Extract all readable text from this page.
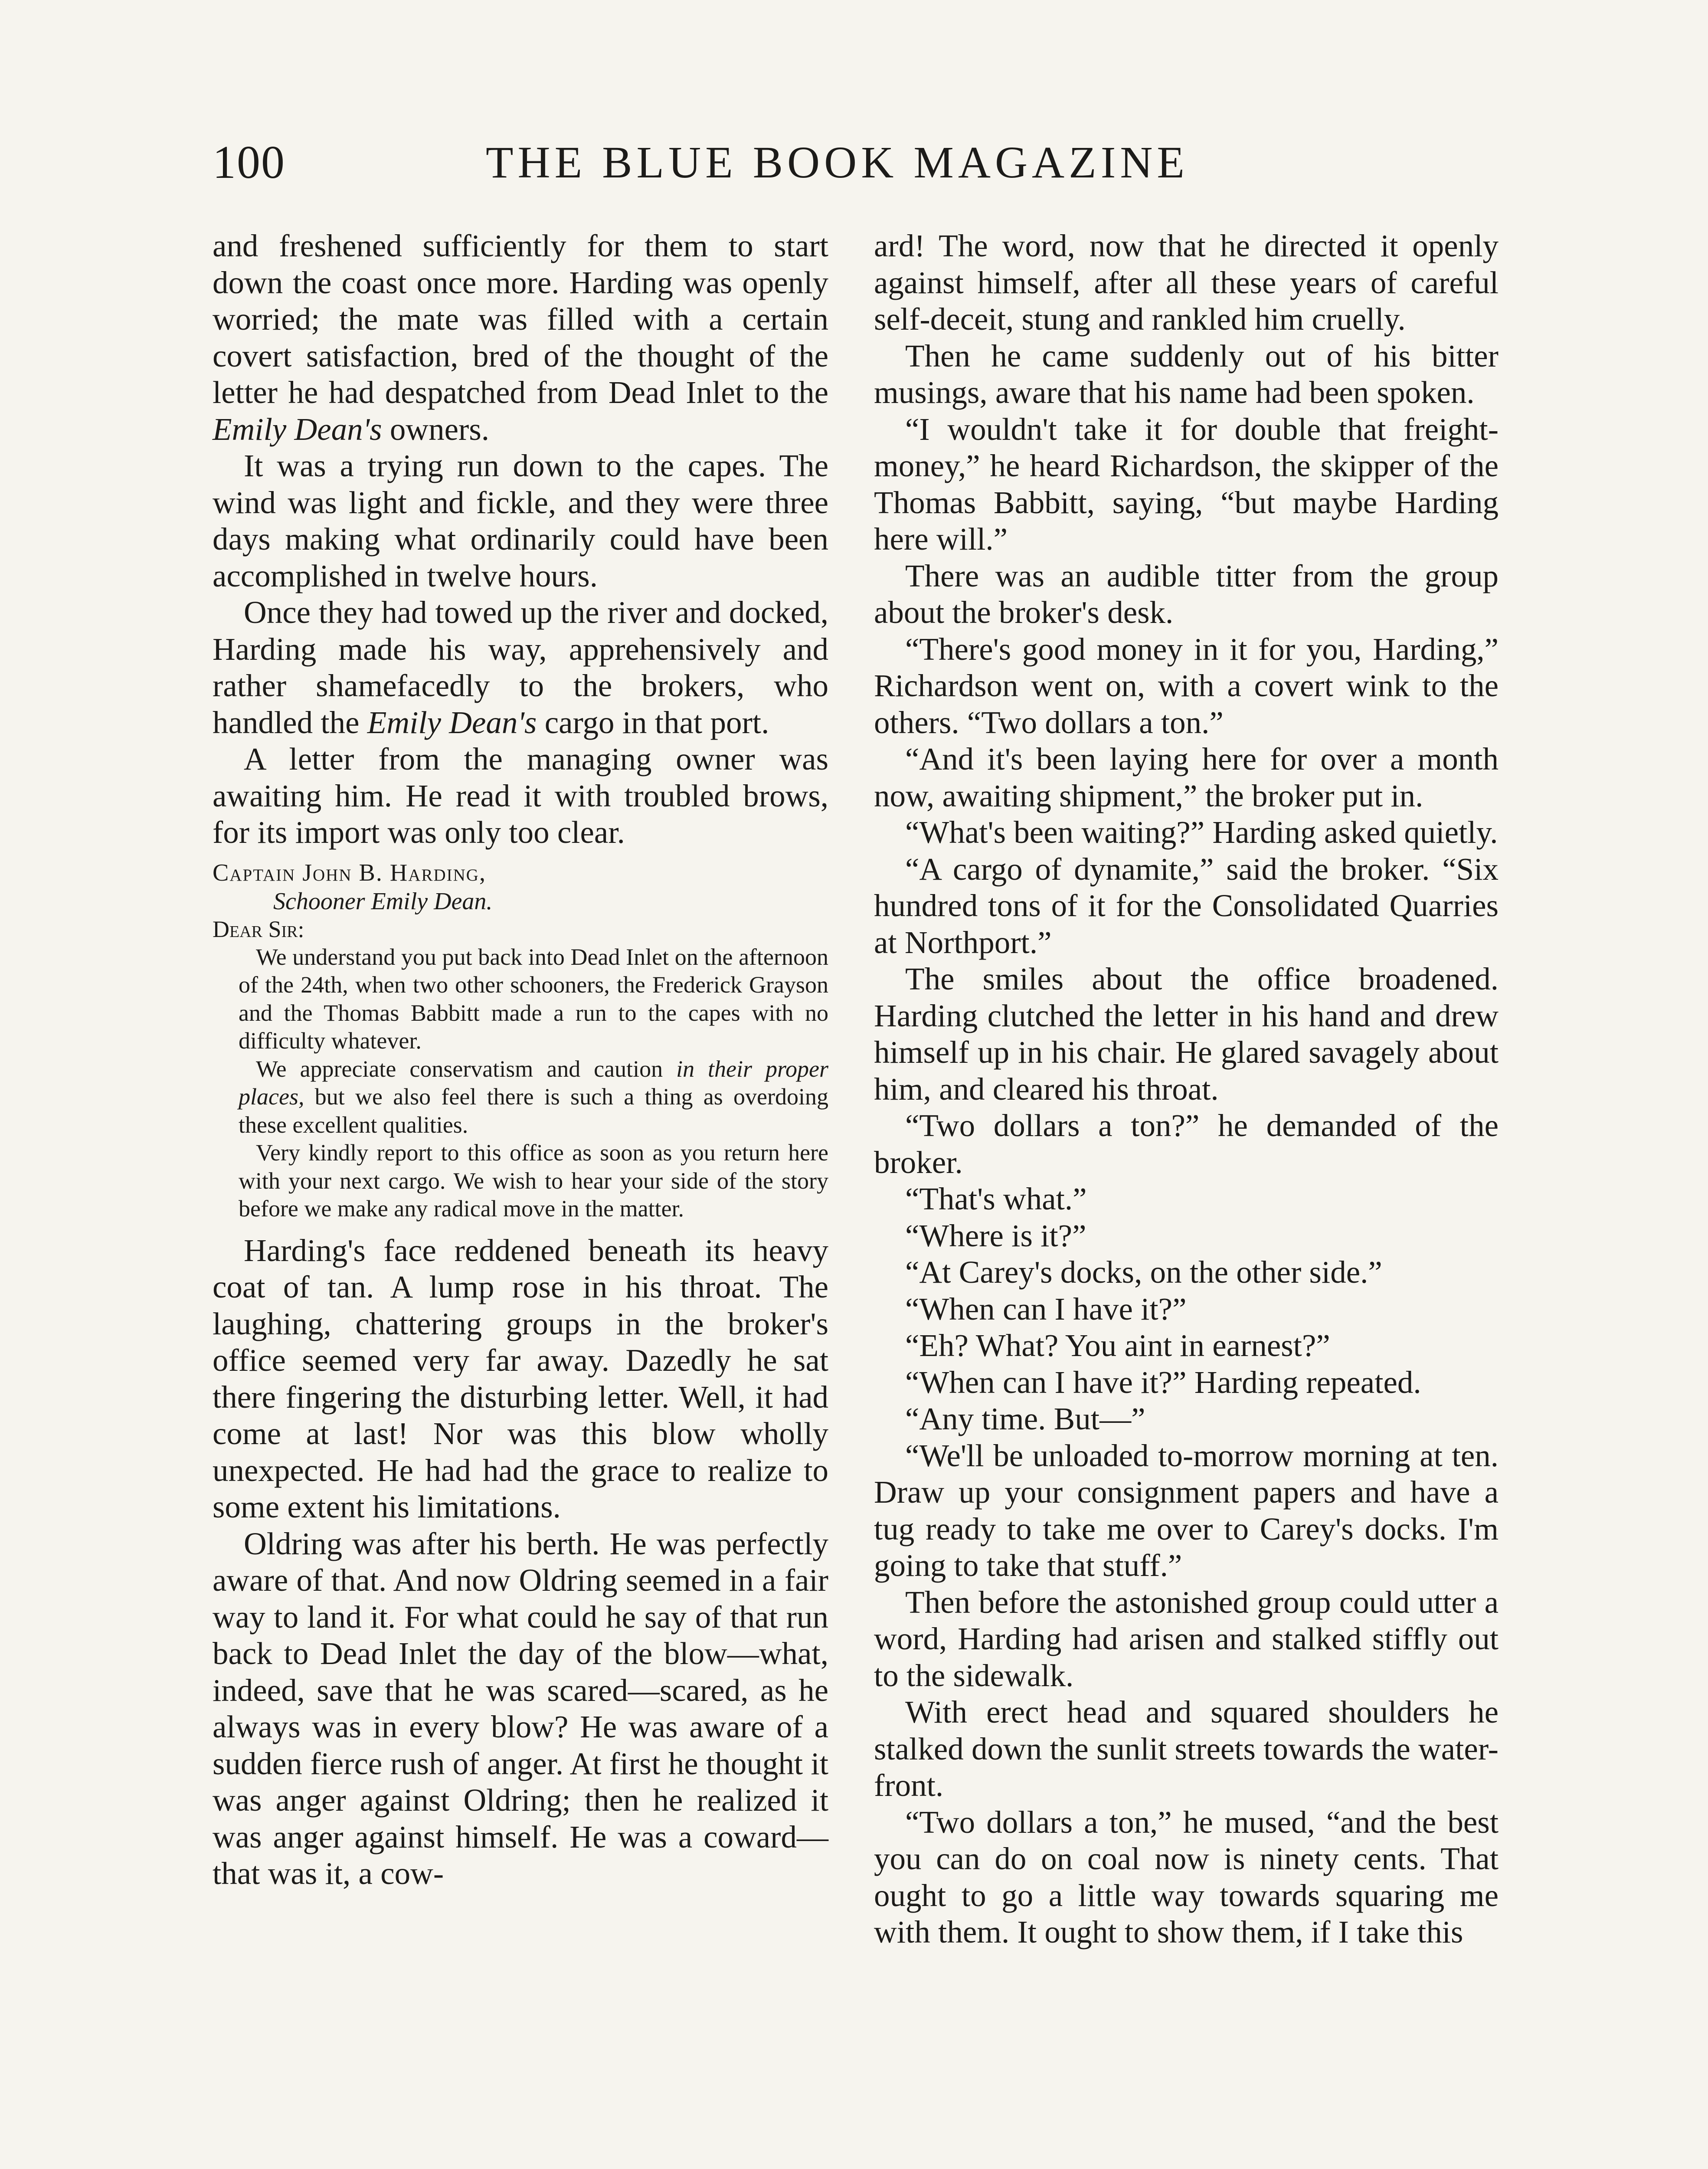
100	THE BLUE BOOK MAGAZINE

and freshened sufficiently for them to start down the coast once more. Harding was openly worried; the mate was filled with a certain covert satisfaction, bred of the thought of the letter he had despatched from Dead Inlet to the Emily Dean's owners.

It was a trying run down to the capes. The wind was light and fickle, and they were three days making what ordinarily could have been accomplished in twelve hours.

Once they had towed up the river and docked, Harding made his way, apprehensively and rather shamefacedly to the brokers, who handled the Emily Dean's cargo in that port.

A letter from the managing owner was awaiting him. He read it with troubled brows, for its import was only too clear.

Captain John B. Harding,
Schooner Emily Dean.
Dear Sir:

We understand you put back into Dead Inlet on the afternoon of the 24th, when two other schooners, the Frederick Grayson and the Thomas Babbitt made a run to the capes with no difficulty whatever.

We appreciate conservatism and caution in their proper places, but we also feel there is such a thing as overdoing these excellent qualities.

Very kindly report to this office as soon as you return here with your next cargo. We wish to hear your side of the story before we make any radical move in the matter.

Harding's face reddened beneath its heavy coat of tan. A lump rose in his throat. The laughing, chattering groups in the broker's office seemed very far away. Dazedly he sat there fingering the disturbing letter. Well, it had come at last! Nor was this blow wholly unexpected. He had had the grace to realize to some extent his limitations.

Oldring was after his berth. He was perfectly aware of that. And now Oldring seemed in a fair way to land it. For what could he say of that run back to Dead Inlet the day of the blow—what, indeed, save that he was scared—scared, as he always was in every blow? He was aware of a sudden fierce rush of anger. At first he thought it was anger against Oldring; then he realized it was anger against himself. He was a coward—that was it, a cow-

ard! The word, now that he directed it openly against himself, after all these years of careful self-deceit, stung and rankled him cruelly.

Then he came suddenly out of his bitter musings, aware that his name had been spoken.

“I wouldn't take it for double that freight-money,” he heard Richardson, the skipper of the Thomas Babbitt, saying, “but maybe Harding here will.”

There was an audible titter from the group about the broker's desk.

“There's good money in it for you, Harding,” Richardson went on, with a covert wink to the others. “Two dollars a ton.”

“And it's been laying here for over a month now, awaiting shipment,” the broker put in.

“What's been waiting?” Harding asked quietly.

“A cargo of dynamite,” said the broker. “Six hundred tons of it for the Consolidated Quarries at Northport.”

The smiles about the office broadened. Harding clutched the letter in his hand and drew himself up in his chair. He glared savagely about him, and cleared his throat.

“Two dollars a ton?” he demanded of the broker.

“That's what.”

“Where is it?”

“At Carey's docks, on the other side.”

“When can I have it?”

“Eh? What? You aint in earnest?”

“When can I have it?” Harding repeated.

“Any time. But—”

“We'll be unloaded to-morrow morning at ten. Draw up your consignment papers and have a tug ready to take me over to Carey's docks. I'm going to take that stuff.”

Then before the astonished group could utter a word, Harding had arisen and stalked stiffly out to the sidewalk.

With erect head and squared shoulders he stalked down the sunlit streets towards the water-front.

“Two dollars a ton,” he mused, “and the best you can do on coal now is ninety cents. That ought to go a little way towards squaring me with them. It ought to show them, if I take this
